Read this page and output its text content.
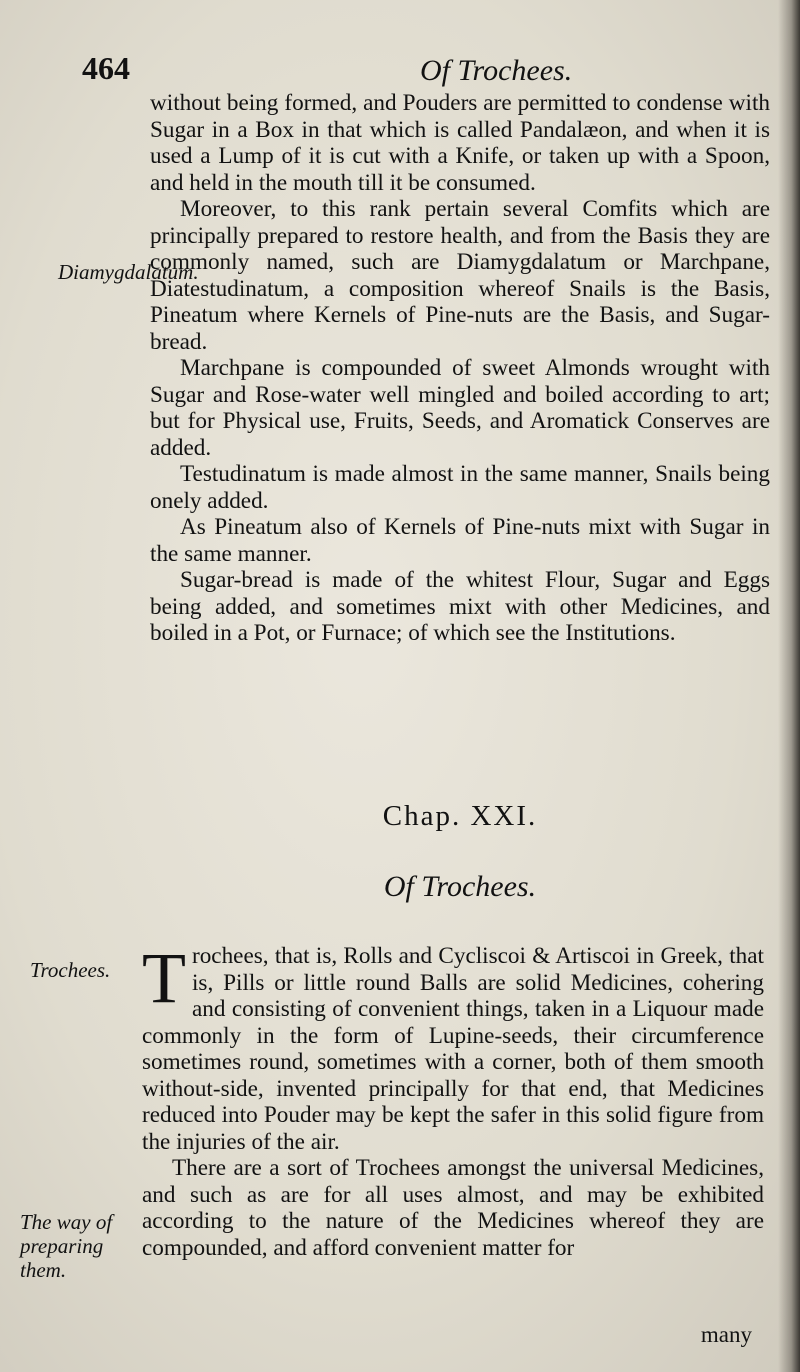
464	Of Trochees.

without being formed, and Pouders are permitted to condense with Sugar in a Box in that which is called Pandalæon, and when it is used a Lump of it is cut with a Knife, or taken up with a Spoon, and held in the mouth till it be consumed.

Moreover, to this rank pertain several Comfits which are principally prepared to restore health, and from the Basis they are commonly named, such are Diamygdalatum or Marchpane, Diatestudinatum, a composition whereof Snails is the Basis, Pineatum where Kernels of Pine-nuts are the Basis, and Sugar-bread.

Marchpane is compounded of sweet Almonds wrought with Sugar and Rose-water well mingled and boiled according to art; but for Physical use, Fruits, Seeds, and Aromatick Conserves are added.

Testudinatum is made almost in the same manner, Snails being onely added.

As Pineatum also of Kernels of Pine-nuts mixt with Sugar in the same manner.

Sugar-bread is made of the whitest Flour, Sugar and Eggs being added, and sometimes mixt with other Medicines, and boiled in a Pot, or Furnace; of which see the Institutions.

Diamygdalatum.
Chap. XXI.
Of Trochees.
Trochees. Trochees, that is, Rolls and Cycliscoi & Artiscoi in Greek, that is, Pills or little round Balls are solid Medicines, cohering and consisting of convenient things, taken in a Liquour made commonly in the form of Lupine-seeds, their circumference sometimes round, sometimes with a corner, both of them smooth without-side, invented principally for that end, that Medicines reduced into Pouder may be kept the safer in this solid figure from the injuries of the air.

There are a sort of Trochees amongst the universal Medicines, and such as are for all uses almost, and may be exhibited according to the nature of the Medicines whereof they are compounded, and afford convenient matter for

The way of preparing them.
many
